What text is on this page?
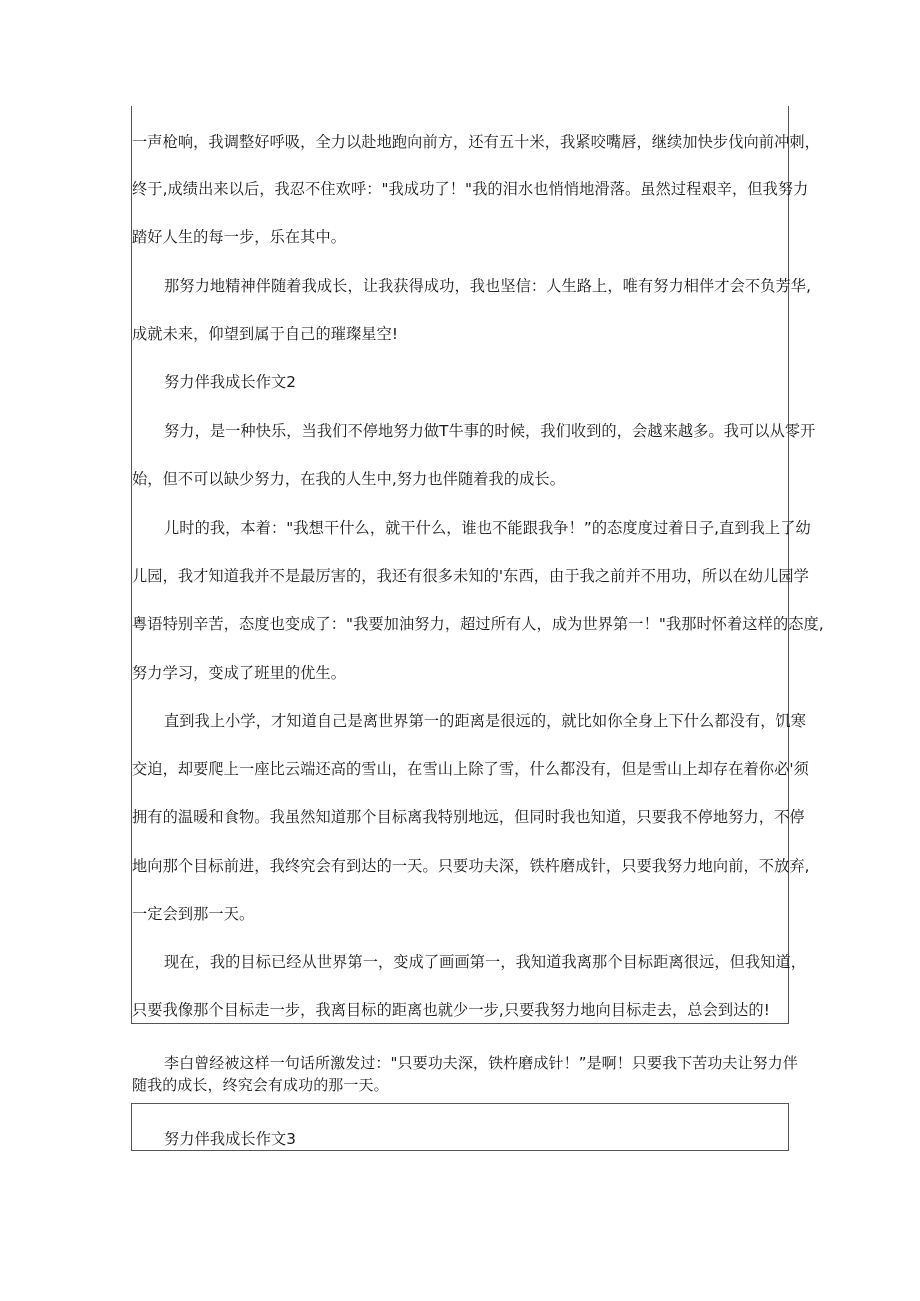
一声枪响，我调整好呼吸，全力以赴地跑向前方，还有五十米，我紧咬嘴唇，继续加快步伐向前冲刺，
终于,成绩出来以后，我忍不住欢呼："我成功了！"我的泪水也悄悄地滑落。虽然过程艰辛，但我努力
踏好人生的每一步，乐在其中。
那努力地精神伴随着我成长，让我获得成功，我也坚信：人生路上，唯有努力相伴才会不负芳华,
成就未来，仰望到属于自己的璀璨星空!
努力伴我成长作文2
努力，是一种快乐，当我们不停地努力做T牛事的时候，我们收到的，会越来越多。我可以从零开
始，但不可以缺少努力，在我的人生中,努力也伴随着我的成长。
儿时的我，本着："我想干什么，就干什么，谁也不能跟我争！”的态度度过着日子,直到我上了幼
儿园，我才知道我并不是最厉害的，我还有很多未知的'东西，由于我之前并不用功，所以在幼儿园学
粤语特别辛苦，态度也变成了："我要加油努力，超过所有人，成为世界第一！"我那时怀着这样的态度,
努力学习，变成了班里的优生。
直到我上小学，才知道自己是离世界第一的距离是很远的，就比如你全身上下什么都没有，饥寒
交迫，却要爬上一座比云端还高的雪山，在雪山上除了雪，什么都没有，但是雪山上却存在着你必'须
拥有的温暖和食物。我虽然知道那个目标离我特别地远，但同时我也知道，只要我不停地努力，不停
地向那个目标前进，我终究会有到达的一天。只要功夫深，铁杵磨成针，只要我努力地向前，不放弃,
一定会到那一天。
现在，我的目标已经从世界第一，变成了画画第一，我知道我离那个目标距离很远，但我知道，
只要我像那个目标走一步，我离目标的距离也就少一步,只要我努力地向目标走去，总会到达的!
李白曾经被这样一句话所激发过："只要功夫深，铁杵磨成针！”是啊！只要我下苦功夫让努力伴
随我的成长，终究会有成功的那一天。
努力伴我成长作文3
